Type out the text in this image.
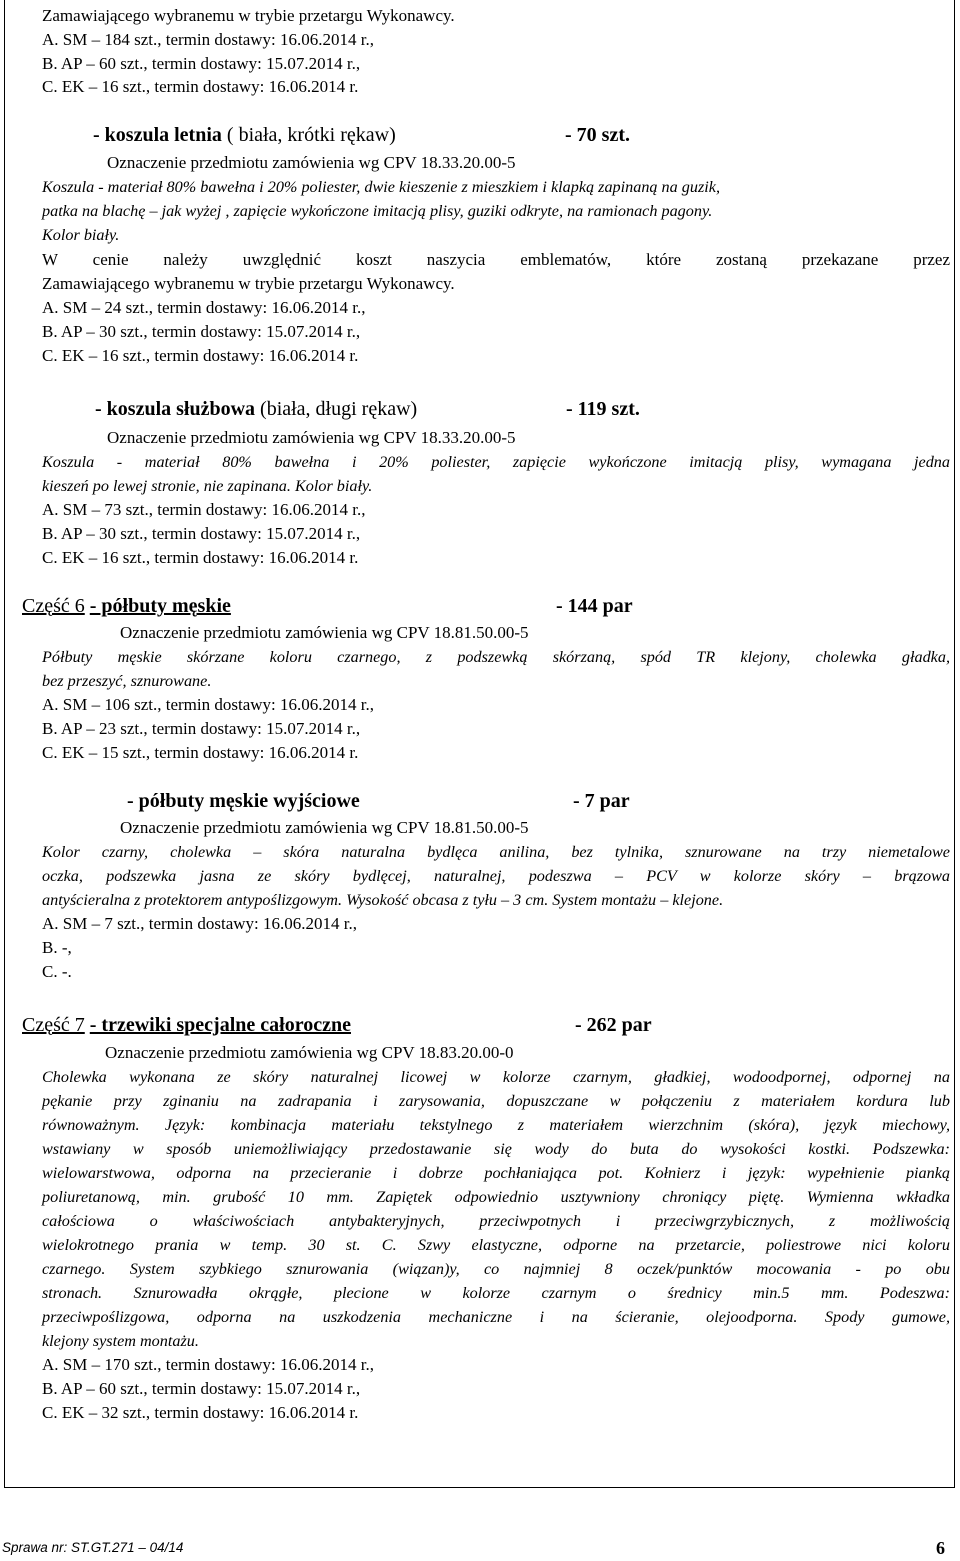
Zamawiającego wybranemu w trybie przetargu Wykonawcy.
A. SM – 184 szt., termin dostawy: 16.06.2014 r.,
B. AP – 60 szt., termin dostawy: 15.07.2014 r.,
C. EK – 16 szt., termin dostawy: 16.06.2014 r.
- koszula letnia ( biała, krótki rękaw)	- 70 szt.
Oznaczenie przedmiotu zamówienia wg CPV 18.33.20.00-5
Koszula - materiał 80% bawełna i 20% poliester, dwie kieszenie z mieszkiem i klapką zapinaną na guzik,
patka na blachę – jak wyżej , zapięcie wykończone imitacją plisy, guziki odkryte, na ramionach pagony.
Kolor biały.
W cenie należy uwzględnić koszt naszycia emblematów, które zostaną przekazane przez
Zamawiającego wybranemu w trybie przetargu Wykonawcy.
A. SM – 24 szt., termin dostawy: 16.06.2014 r.,
B. AP – 30 szt., termin dostawy: 15.07.2014 r.,
C. EK – 16 szt., termin dostawy: 16.06.2014 r.
- koszula służbowa (biała, długi rękaw)	- 119 szt.
Oznaczenie przedmiotu zamówienia wg CPV 18.33.20.00-5
Koszula - materiał 80% bawełna i 20% poliester, zapięcie wykończone imitacją plisy, wymagana jedna
kieszeń po lewej stronie, nie zapinana. Kolor biały.
A. SM – 73 szt., termin dostawy: 16.06.2014 r.,
B. AP – 30 szt., termin dostawy: 15.07.2014 r.,
C. EK – 16 szt., termin dostawy: 16.06.2014 r.
Część 6 - półbuty męskie	- 144 par
Oznaczenie przedmiotu zamówienia wg CPV 18.81.50.00-5
Półbuty męskie skórzane koloru czarnego, z podszewką skórzaną, spód TR klejony, cholewka gładka,
bez przeszyć, sznurowane.
A. SM – 106 szt., termin dostawy: 16.06.2014 r.,
B. AP – 23 szt., termin dostawy: 15.07.2014 r.,
C. EK – 15 szt., termin dostawy: 16.06.2014 r.
- półbuty męskie wyjściowe	- 7 par
Oznaczenie przedmiotu zamówienia wg CPV 18.81.50.00-5
Kolor czarny, cholewka – skóra naturalna bydlęca anilina, bez tylnika, sznurowane na trzy niemetalowe
oczka, podszewka jasna ze skóry bydlęcej, naturalnej, podeszwa – PCV w kolorze skóry – brązowa
antyścieralna z protektorem antypoślizgowym. Wysokość obcasa z tyłu – 3 cm. System montażu – klejone.
A. SM – 7 szt., termin dostawy: 16.06.2014 r.,
B. -,
C. -.
Część 7 - trzewiki specjalne całoroczne	- 262 par
Oznaczenie przedmiotu zamówienia wg CPV 18.83.20.00-0
Cholewka wykonana ze skóry naturalnej licowej w kolorze czarnym, gładkiej, wodoodpornej, odpornej na
pękanie przy zginaniu na zadrapania i zarysowania, dopuszczane w połączeniu z materiałem kordura lub
równoważnym. Język: kombinacja materiału tekstylnego z materiałem wierzchnim (skóra), język miechowy,
wstawiany w sposób uniemożliwiający przedostawanie się wody do buta do wysokości kostki. Podszewka:
wielowarstwowa, odporna na przecieranie i dobrze pochłaniająca pot. Kołnierz i język: wypełnienie pianką
poliuretanową, min. grubość 10 mm. Zapiętek odpowiednio usztywniony chroniący piętę. Wymienna wkładka
całościowa o właściwościach antybakteryjnych, przeciwpotnych i przeciwgrzybicznych, z możliwością
wielokrotnego prania w temp. 30 st. C. Szwy elastyczne, odporne na przetarcie, poliestrowe nici koloru
czarnego. System szybkiego sznurowania (wiązan)y, co najmniej 8 oczek/punktów mocowania - po obu
stronach. Sznurowadła okrągłe, plecione w kolorze czarnym o średnicy min.5 mm. Podeszwa:
przeciwpoślizgowa, odporna na uszkodzenia mechaniczne i na ścieranie, olejoodporna. Spody gumowe,
klejony system montażu.
A. SM – 170 szt., termin dostawy: 16.06.2014 r.,
B. AP – 60 szt., termin dostawy: 15.07.2014 r.,
C. EK – 32 szt., termin dostawy: 16.06.2014 r.
Sprawa nr: ST.GT.271 – 04/14	6
